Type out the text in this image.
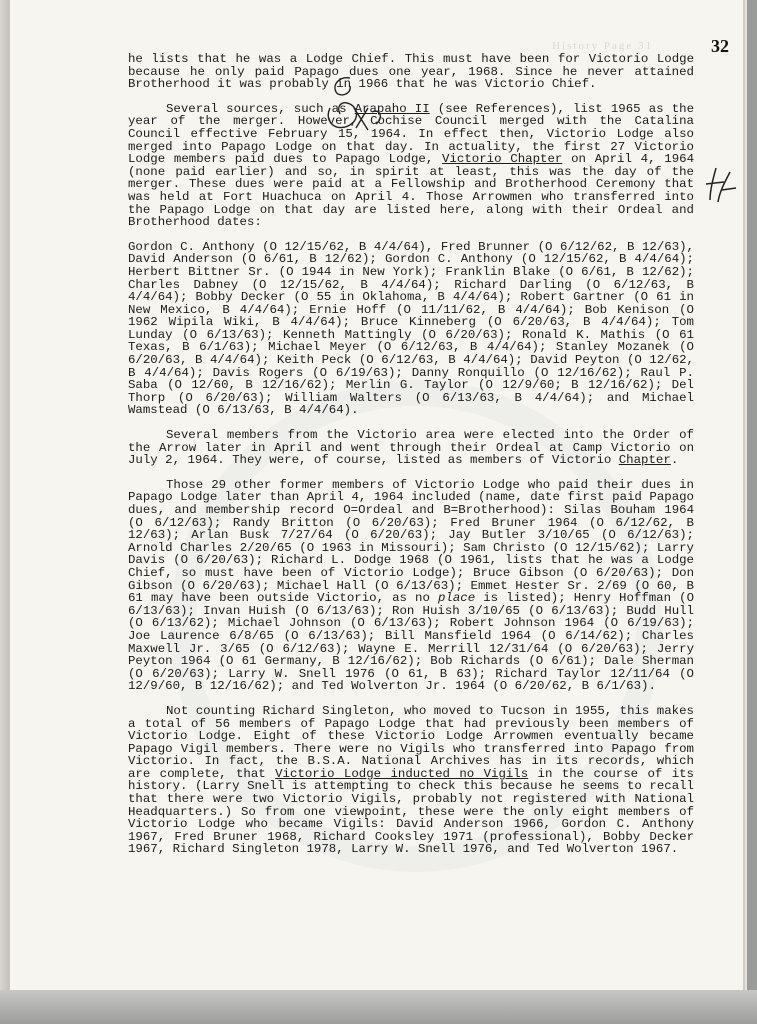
History Page 31	32

he lists that he was a Lodge Chief. This must have been for Victorio Lodge because he only paid Papago dues one year, 1968. Since he never attained Brotherhood it was probably in 1966 that he was Victorio Chief.

Several sources, such as Arapaho II (see References), list 1965 as the year of the merger. However, Cochise Council merged with the Catalina Council effective February 15, 1964. In effect then, Victorio Lodge also merged into Papago Lodge on that day. In actuality, the first 27 Victorio Lodge members paid dues to Papago Lodge, Victorio Chapter on April 4, 1964 (none paid earlier) and so, in spirit at least, this was the day of the merger. These dues were paid at a Fellowship and Brotherhood Ceremony that was held at Fort Huachuca on April 4. Those Arrowmen who transferred into the Papago Lodge on that day are listed here, along with their Ordeal and Brotherhood dates:

Gordon C. Anthony (O 12/15/62, B 4/4/64), Fred Brunner (O 6/12/62, B 12/63), David Anderson (O 6/61, B 12/62); Gordon C. Anthony (O 12/15/62, B 4/4/64); Herbert Bittner Sr. (O 1944 in New York); Franklin Blake (O 6/61, B 12/62); Charles Dabney (O 12/15/62, B 4/4/64); Richard Darling (O 6/12/63, B 4/4/64); Bobby Decker (O 55 in Oklahoma, B 4/4/64); Robert Gartner (O 61 in New Mexico, B 4/4/64); Ernie Hoff (O 11/11/62, B 4/4/64); Bob Kenison (O 1962 Wipila Wiki, B 4/4/64); Bruce Kinneberg (O 6/20/63, B 4/4/64); Tom Lunday (O 6/13/63); Kenneth Mattingly (O 6/20/63); Ronald K. Mathis (O 61 Texas, B 6/1/63); Michael Meyer (O 6/12/63, B 4/4/64); Stanley Mozanek (O 6/20/63, B 4/4/64); Keith Peck (O 6/12/63, B 4/4/64); David Peyton (O 12/62, B 4/4/64); Davis Rogers (O 6/19/63); Danny Ronquillo (O 12/16/62); Raul P. Saba (O 12/60, B 12/16/62); Merlin G. Taylor (O 12/9/60; B 12/16/62); Del Thorp (O 6/20/63); William Walters (O 6/13/63, B 4/4/64); and Michael Wamstead (O 6/13/63, B 4/4/64).

Several members from the Victorio area were elected into the Order of the Arrow later in April and went through their Ordeal at Camp Victorio on July 2, 1964. They were, of course, listed as members of Victorio Chapter.

Those 29 other former members of Victorio Lodge who paid their dues in Papago Lodge later than April 4, 1964 included (name, date first paid Papago dues, and membership record O=Ordeal and B=Brotherhood): Silas Bouham 1964 (O 6/12/63); Randy Britton (O 6/20/63); Fred Bruner 1964 (O 6/12/62, B 12/63); Arlan Busk 7/27/64 (O 6/20/63); Jay Butler 3/10/65 (O 6/12/63); Arnold Charles 2/20/65 (O 1963 in Missouri); Sam Christo (O 12/15/62); Larry Davis (O 6/20/63); Richard L. Dodge 1968 (O 1961, lists that he was a Lodge Chief, so must have been of Victorio Lodge); Bruce Gibson (O 6/20/63); Don Gibson (O 6/20/63); Michael Hall (O 6/13/63); Emmet Hester Sr. 2/69 (O 60, B 61 may have been outside Victorio, as no place is listed); Henry Hoffman (O 6/13/63); Invan Huish (O 6/13/63); Ron Huish 3/10/65 (O 6/13/63); Budd Hull (O 6/13/62); Michael Johnson (O 6/13/63); Robert Johnson 1964 (O 6/19/63); Joe Laurence 6/8/65 (O 6/13/63); Bill Mansfield 1964 (O 6/14/62); Charles Maxwell Jr. 3/65 (O 6/12/63); Wayne E. Merrill 12/31/64 (O 6/20/63); Jerry Peyton 1964 (O 61 Germany, B 12/16/62); Bob Richards (O 6/61); Dale Sherman (O 6/20/63); Larry W. Snell 1976 (O 61, B 63); Richard Taylor 12/11/64 (O 12/9/60, B 12/16/62); and Ted Wolverton Jr. 1964 (O 6/20/62, B 6/1/63).

Not counting Richard Singleton, who moved to Tucson in 1955, this makes a total of 56 members of Papago Lodge that had previously been members of Victorio Lodge. Eight of these Victorio Lodge Arrowmen eventually became Papago Vigil members. There were no Vigils who transferred into Papago from Victorio. In fact, the B.S.A. National Archives has in its records, which are complete, that Victorio Lodge inducted no Vigils in the course of its history. (Larry Snell is attempting to check this because he seems to recall that there were two Victorio Vigils, probably not registered with National Headquarters.) So from one viewpoint, these were the only eight members of Victorio Lodge who became Vigils: David Anderson 1966, Gordon C. Anthony 1967, Fred Bruner 1968, Richard Cooksley 1971 (professional), Bobby Decker 1967, Richard Singleton 1978, Larry W. Snell 1976, and Ted Wolverton 1967.
